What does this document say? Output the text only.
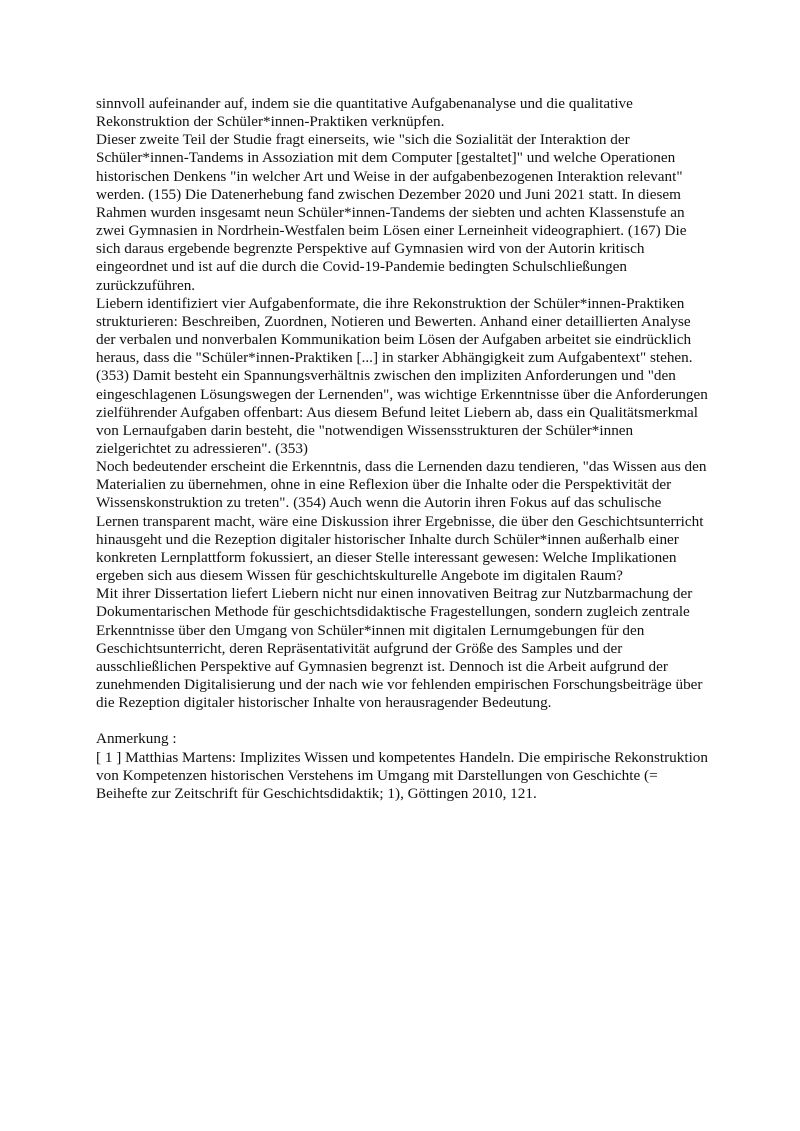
sinnvoll aufeinander auf, indem sie die quantitative Aufgabenanalyse und die qualitative Rekonstruktion der Schüler*innen-Praktiken verknüpfen.

Dieser zweite Teil der Studie fragt einerseits, wie "sich die Sozialität der Interaktion der Schüler*innen-Tandems in Assoziation mit dem Computer [gestaltet]" und welche Operationen historischen Denkens "in welcher Art und Weise in der aufgabenbezogenen Interaktion relevant" werden. (155) Die Datenerhebung fand zwischen Dezember 2020 und Juni 2021 statt. In diesem Rahmen wurden insgesamt neun Schüler*innen-Tandems der siebten und achten Klassenstufe an zwei Gymnasien in Nordrhein-Westfalen beim Lösen einer Lerneinheit videographiert. (167) Die sich daraus ergebende begrenzte Perspektive auf Gymnasien wird von der Autorin kritisch eingeordnet und ist auf die durch die Covid-19-Pandemie bedingten Schulschließungen zurückzuführen.

Liebern identifiziert vier Aufgabenformate, die ihre Rekonstruktion der Schüler*innen-Praktiken strukturieren: Beschreiben, Zuordnen, Notieren und Bewerten. Anhand einer detaillierten Analyse der verbalen und nonverbalen Kommunikation beim Lösen der Aufgaben arbeitet sie eindrücklich heraus, dass die "Schüler*innen-Praktiken [...] in starker Abhängigkeit zum Aufgabentext" stehen. (353) Damit besteht ein Spannungsverhältnis zwischen den impliziten Anforderungen und "den eingeschlagenen Lösungswegen der Lernenden", was wichtige Erkenntnisse über die Anforderungen zielführender Aufgaben offenbart: Aus diesem Befund leitet Liebern ab, dass ein Qualitätsmerkmal von Lernaufgaben darin besteht, die "notwendigen Wissensstrukturen der Schüler*innen zielgerichtet zu adressieren". (353)

Noch bedeutender erscheint die Erkenntnis, dass die Lernenden dazu tendieren, "das Wissen aus den Materialien zu übernehmen, ohne in eine Reflexion über die Inhalte oder die Perspektivität der Wissenskonstruktion zu treten". (354) Auch wenn die Autorin ihren Fokus auf das schulische Lernen transparent macht, wäre eine Diskussion ihrer Ergebnisse, die über den Geschichtsunterricht hinausgeht und die Rezeption digitaler historischer Inhalte durch Schüler*innen außerhalb einer konkreten Lernplattform fokussiert, an dieser Stelle interessant gewesen: Welche Implikationen ergeben sich aus diesem Wissen für geschichtskulturelle Angebote im digitalen Raum?

Mit ihrer Dissertation liefert Liebern nicht nur einen innovativen Beitrag zur Nutzbarmachung der Dokumentarischen Methode für geschichtsdidaktische Fragestellungen, sondern zugleich zentrale Erkenntnisse über den Umgang von Schüler*innen mit digitalen Lernumgebungen für den Geschichtsunterricht, deren Repräsentativität aufgrund der Größe des Samples und der ausschließlichen Perspektive auf Gymnasien begrenzt ist. Dennoch ist die Arbeit aufgrund der zunehmenden Digitalisierung und der nach wie vor fehlenden empirischen Forschungsbeiträge über die Rezeption digitaler historischer Inhalte von herausragender Bedeutung.

Anmerkung :

[ 1 ] Matthias Martens: Implizites Wissen und kompetentes Handeln. Die empirische Rekonstruktion von Kompetenzen historischen Verstehens im Umgang mit Darstellungen von Geschichte (= Beihefte zur Zeitschrift für Geschichtsdidaktik; 1), Göttingen 2010, 121.
